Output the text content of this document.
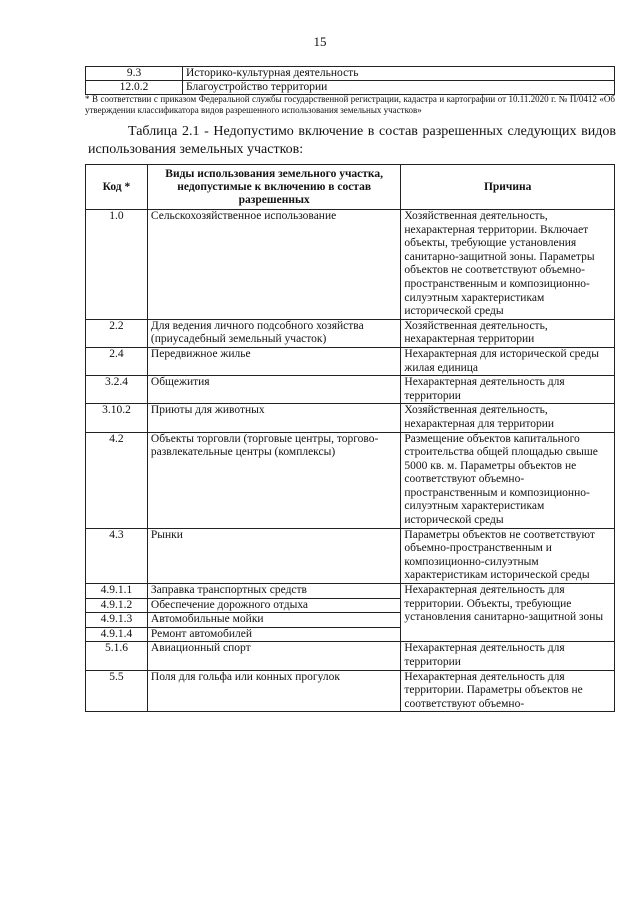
15
9.3	Историко-культурная деятельность
12.0.2	Благоустройство территории
* В соответствии с приказом Федеральной службы государственной регистрации, кадастра и картографии от 10.11.2020 г. № П/0412 «Об утверждении классификатора видов разрешенного использования земельных участков»
Таблица 2.1 - Недопустимо включение в состав разрешенных следующих видов использования земельных участков:
Код *	Виды использования земельного участка, недопустимые к включению в состав разрешенных	Причина
1.0	Сельскохозяйственное использование	Хозяйственная деятельность, нехарактерная территории. Включает объекты, требующие установления санитарно-защитной зоны. Параметры объектов не соответствуют объемно-пространственным и композиционно-силуэтным характеристикам исторической среды
2.2	Для ведения личного подсобного хозяйства (приусадебный земельный участок)	Хозяйственная деятельность, нехарактерная территории
2.4	Передвижное жилье	Нехарактерная для исторической среды жилая единица
3.2.4	Общежития	Нехарактерная деятельность для территории
3.10.2	Приюты для животных	Хозяйственная деятельность, нехарактерная для территории
4.2	Объекты торговли (торговые центры, торгово-развлекательные центры (комплексы)	Размещение объектов капитального строительства общей площадью свыше 5000 кв. м. Параметры объектов не соответствуют объемно-пространственным и композиционно-силуэтным характеристикам исторической среды
4.3	Рынки	Параметры объектов не соответствуют объемно-пространственным и композиционно-силуэтным характеристикам исторической среды
4.9.1.1	Заправка транспортных средств	Нехарактерная деятельность для территории. Объекты, требующие установления санитарно-защитной зоны
4.9.1.2	Обеспечение дорожного отдыха	
4.9.1.3	Автомобильные мойки	
4.9.1.4	Ремонт автомобилей	
5.1.6	Авиационный спорт	Нехарактерная деятельность для территории
5.5	Поля для гольфа или конных прогулок	Нехарактерная деятельность для территории. Параметры объектов не соответствуют объемно-
